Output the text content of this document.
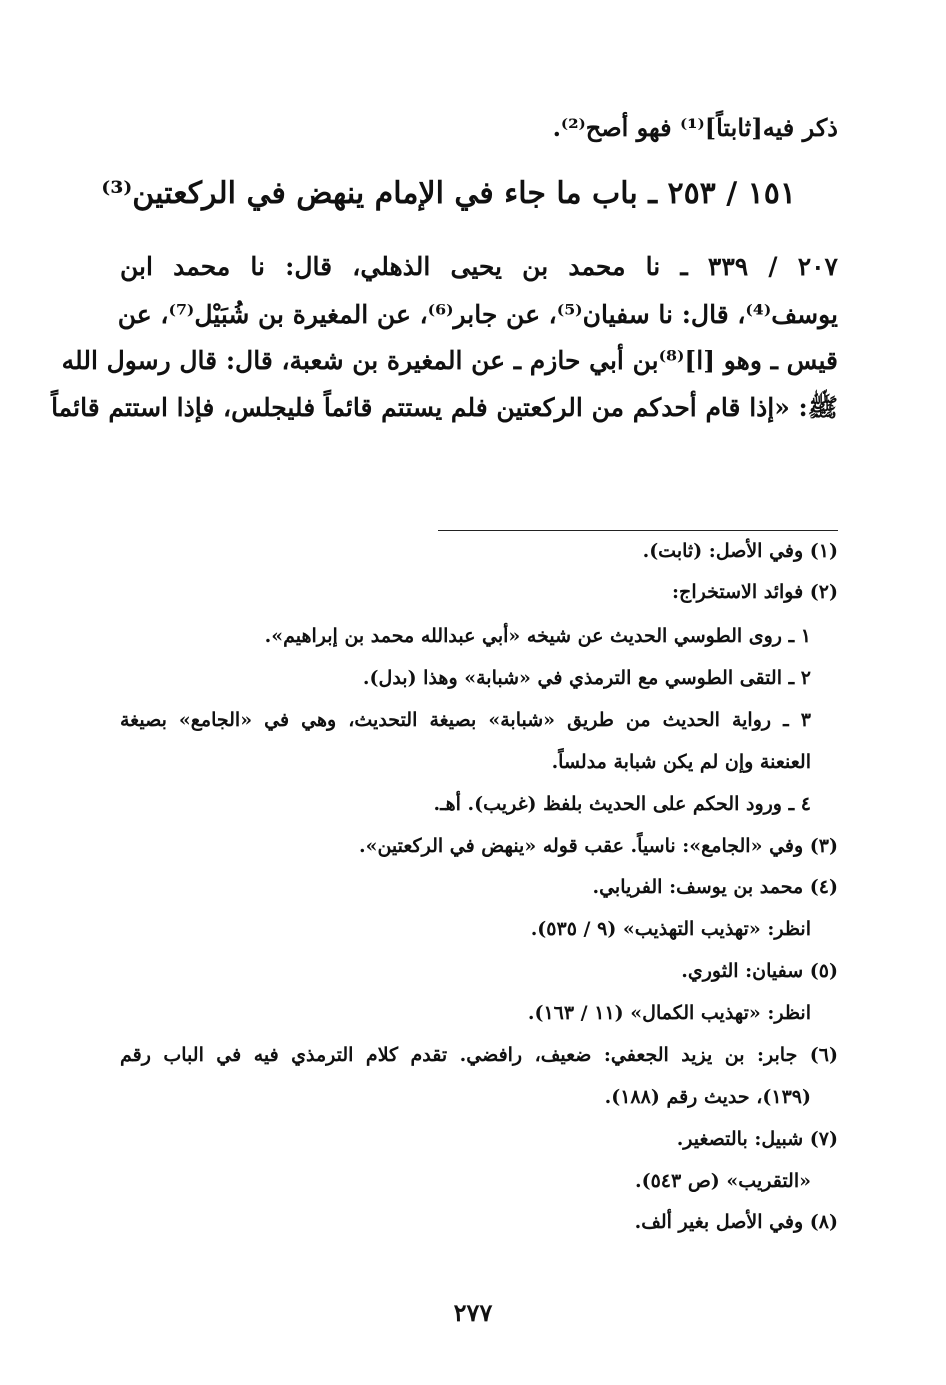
ذكر فيه[ثابتاً]⁽¹⁾ فهو أصح⁽²⁾.
١٥١ / ٢٥٣ ـ باب ما جاء في الإمام ينهض في الركعتين⁽³⁾
٢٠٧ / ٣٣٩ ـ نا محمد بن يحيى الذهلي، قال: نا محمد ابن
يوسف⁽⁴⁾، قال: نا سفيان⁽⁵⁾، عن جابر⁽⁶⁾، عن المغيرة بن شُبَيْل⁽⁷⁾، عن
قيس ـ وهو [ا]⁽⁸⁾بن أبي حازم ـ عن المغيرة بن شعبة، قال: قال رسول الله
ﷺ: «إذا قام أحدكم من الركعتين فلم يستتم قائماً فليجلس، فإذا استتم قائماً
(١) وفي الأصل: (ثابت).
(٢) فوائد الاستخراج:
١ ـ روى الطوسي الحديث عن شيخه «أبي عبدالله محمد بن إبراهيم».
٢ ـ التقى الطوسي مع الترمذي في «شبابة» وهذا (بدل).
٣ ـ رواية الحديث من طريق «شبابة» بصيغة التحديث، وهي في «الجامع» بصيغة
العنعنة وإن لم يكن شبابة مدلساً.
٤ ـ ورود الحكم على الحديث بلفظ (غريب). أهـ.
(٣) وفي «الجامع»: ناسياً. عقب قوله «ينهض في الركعتين».
(٤) محمد بن يوسف: الفريابي.
انظر: «تهذيب التهذيب» (٩ / ٥٣٥).
(٥) سفيان: الثوري.
انظر: «تهذيب الكمال» (١١ / ١٦٣).
(٦) جابر: بن يزيد الجعفي: ضعيف، رافضي. تقدم كلام الترمذي فيه في الباب رقم
(١٣٩)، حديث رقم (١٨٨).
(٧) شبيل: بالتصغير.
«التقريب» (ص ٥٤٣).
(٨) وفي الأصل بغير ألف.
٢٧٧
